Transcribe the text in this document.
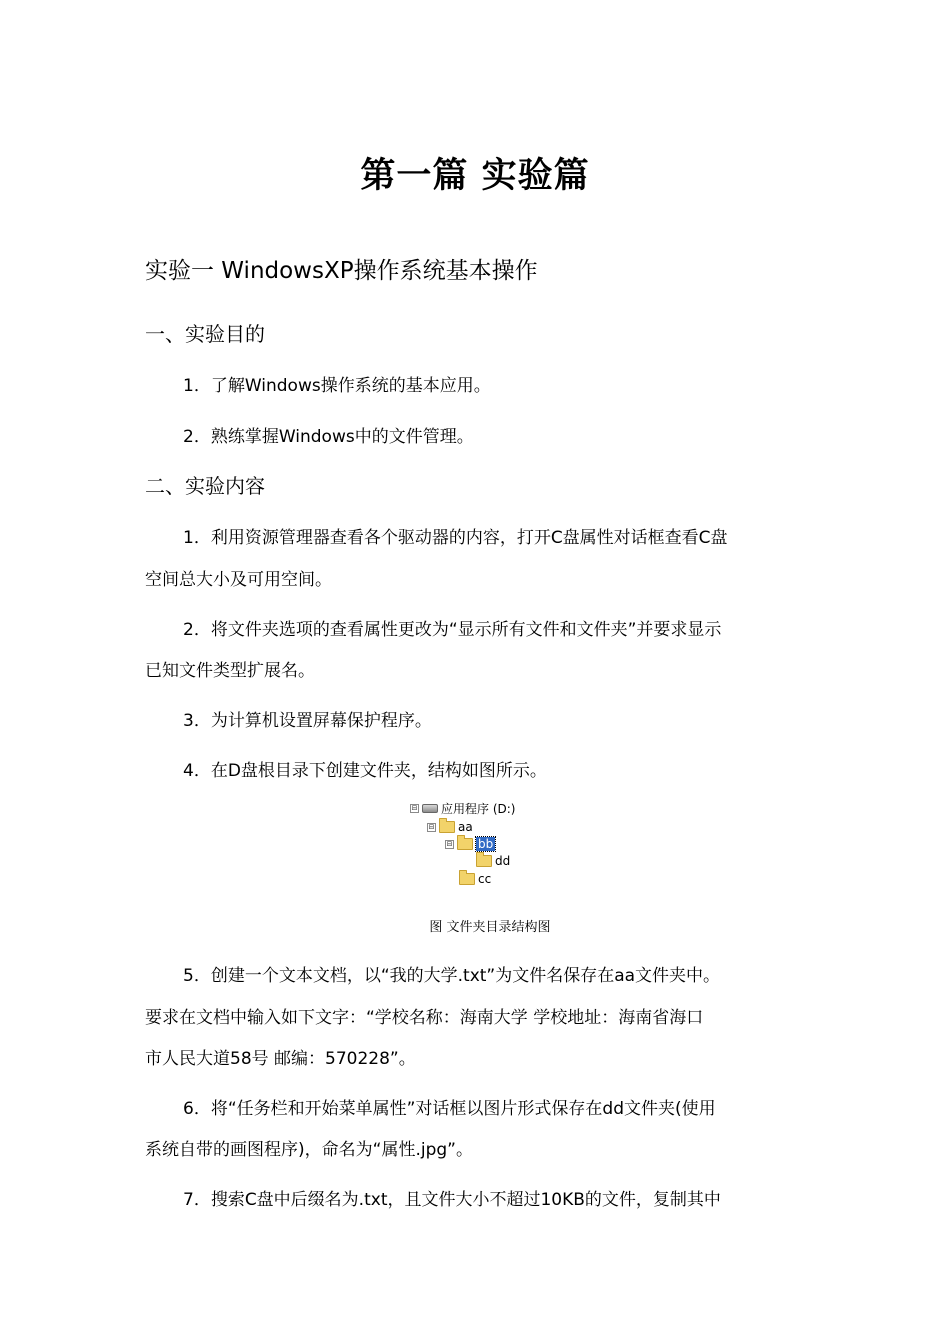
第一篇 实验篇
实验一 WindowsXP操作系统基本操作
一、实验目的
1．了解Windows操作系统的基本应用。
2．熟练掌握Windows中的文件管理。
二、实验内容
1．利用资源管理器查看各个驱动器的内容，打开C盘属性对话框查看C盘
空间总大小及可用空间。
2．将文件夹选项的查看属性更改为“显示所有文件和文件夹”并要求显示
已知文件类型扩展名。
3．为计算机设置屏幕保护程序。
4．在D盘根目录下创建文件夹，结构如图所示。
⊟ 应用程序 (D:)
⊟ aa
⊟ bb
dd
cc
图 文件夹目录结构图
5．创建一个文本文档，以“我的大学.txt”为文件名保存在aa文件夹中。
要求在文档中输入如下文字：“学校名称：海南大学 学校地址：海南省海口
市人民大道58号 邮编：570228”。
6．将“任务栏和开始菜单属性”对话框以图片形式保存在dd文件夹(使用
系统自带的画图程序)，命名为“属性.jpg”。
7．搜索C盘中后缀名为.txt，且文件大小不超过10KB的文件，复制其中
